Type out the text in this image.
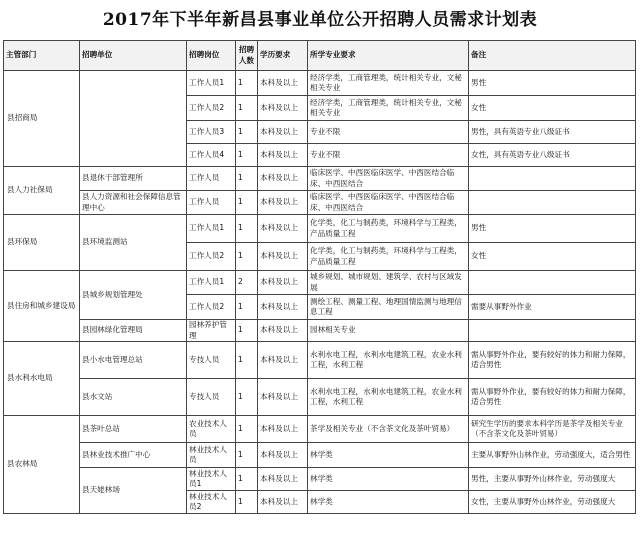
2017年下半年新昌县事业单位公开招聘人员需求计划表
主管部门	招聘单位	招聘岗位	招聘人数	学历要求	所学专业要求	备注
县招商局		工作人员1	1	本科及以上	经济学类，工商管理类，统计相关专业，文秘相关专业	男性
		工作人员2	1	本科及以上	经济学类，工商管理类，统计相关专业，文秘相关专业	女性
		工作人员3	1	本科及以上	专业不限	男性，具有英语专业八级证书
		工作人员4	1	本科及以上	专业不限	女性，具有英语专业八级证书
县人力社保局	县退休干部管理所	工作人员	1	本科及以上	临床医学、中西医临床医学、中西医结合临床、中西医结合	
	县人力资源和社会保障信息管理中心	工作人员	1	本科及以上	临床医学、中西医临床医学、中西医结合临床、中西医结合	
县环保局	县环境监测站	工作人员1	1	本科及以上	化学类，化工与制药类，环境科学与工程类，产品质量工程	男性
		工作人员2	1	本科及以上	化学类，化工与制药类，环境科学与工程类，产品质量工程	女性
县住房和城乡建设局	县城乡规划管理处	工作人员1	2	本科及以上	城乡规划、城市规划、建筑学、农村与区域发展	
		工作人员2	1	本科及以上	测绘工程、测量工程、地理国情监测与地理信息工程	需要从事野外作业
	县园林绿化管理局	园林养护管理	1	本科及以上	园林相关专业	
县水利水电局	县小水电管理总站	专技人员	1	本科及以上	水利水电工程，水利水电建筑工程，农业水利工程，水利工程	需从事野外作业，要有较好的体力和耐力保障，适合男性
	县水文站	专技人员	1	本科及以上	水利水电工程，水利水电建筑工程，农业水利工程，水利工程	需从事野外作业，要有较好的体力和耐力保障，适合男性
县农林局	县茶叶总站	农业技术人员	1	本科及以上	茶学及相关专业（不含茶文化及茶叶贸易）	研究生学历的要求本科学历是茶学及相关专业（不含茶文化及茶叶贸易）
	县林业技术推广中心	林业技术人员	1	本科及以上	林学类	主要从事野外山林作业，劳动强度大，适合男性
	县天姥林场	林业技术人员1	1	本科及以上	林学类	男性，主要从事野外山林作业，劳动强度大
		林业技术人员2	1	本科及以上	林学类	女性，主要从事野外山林作业，劳动强度大
